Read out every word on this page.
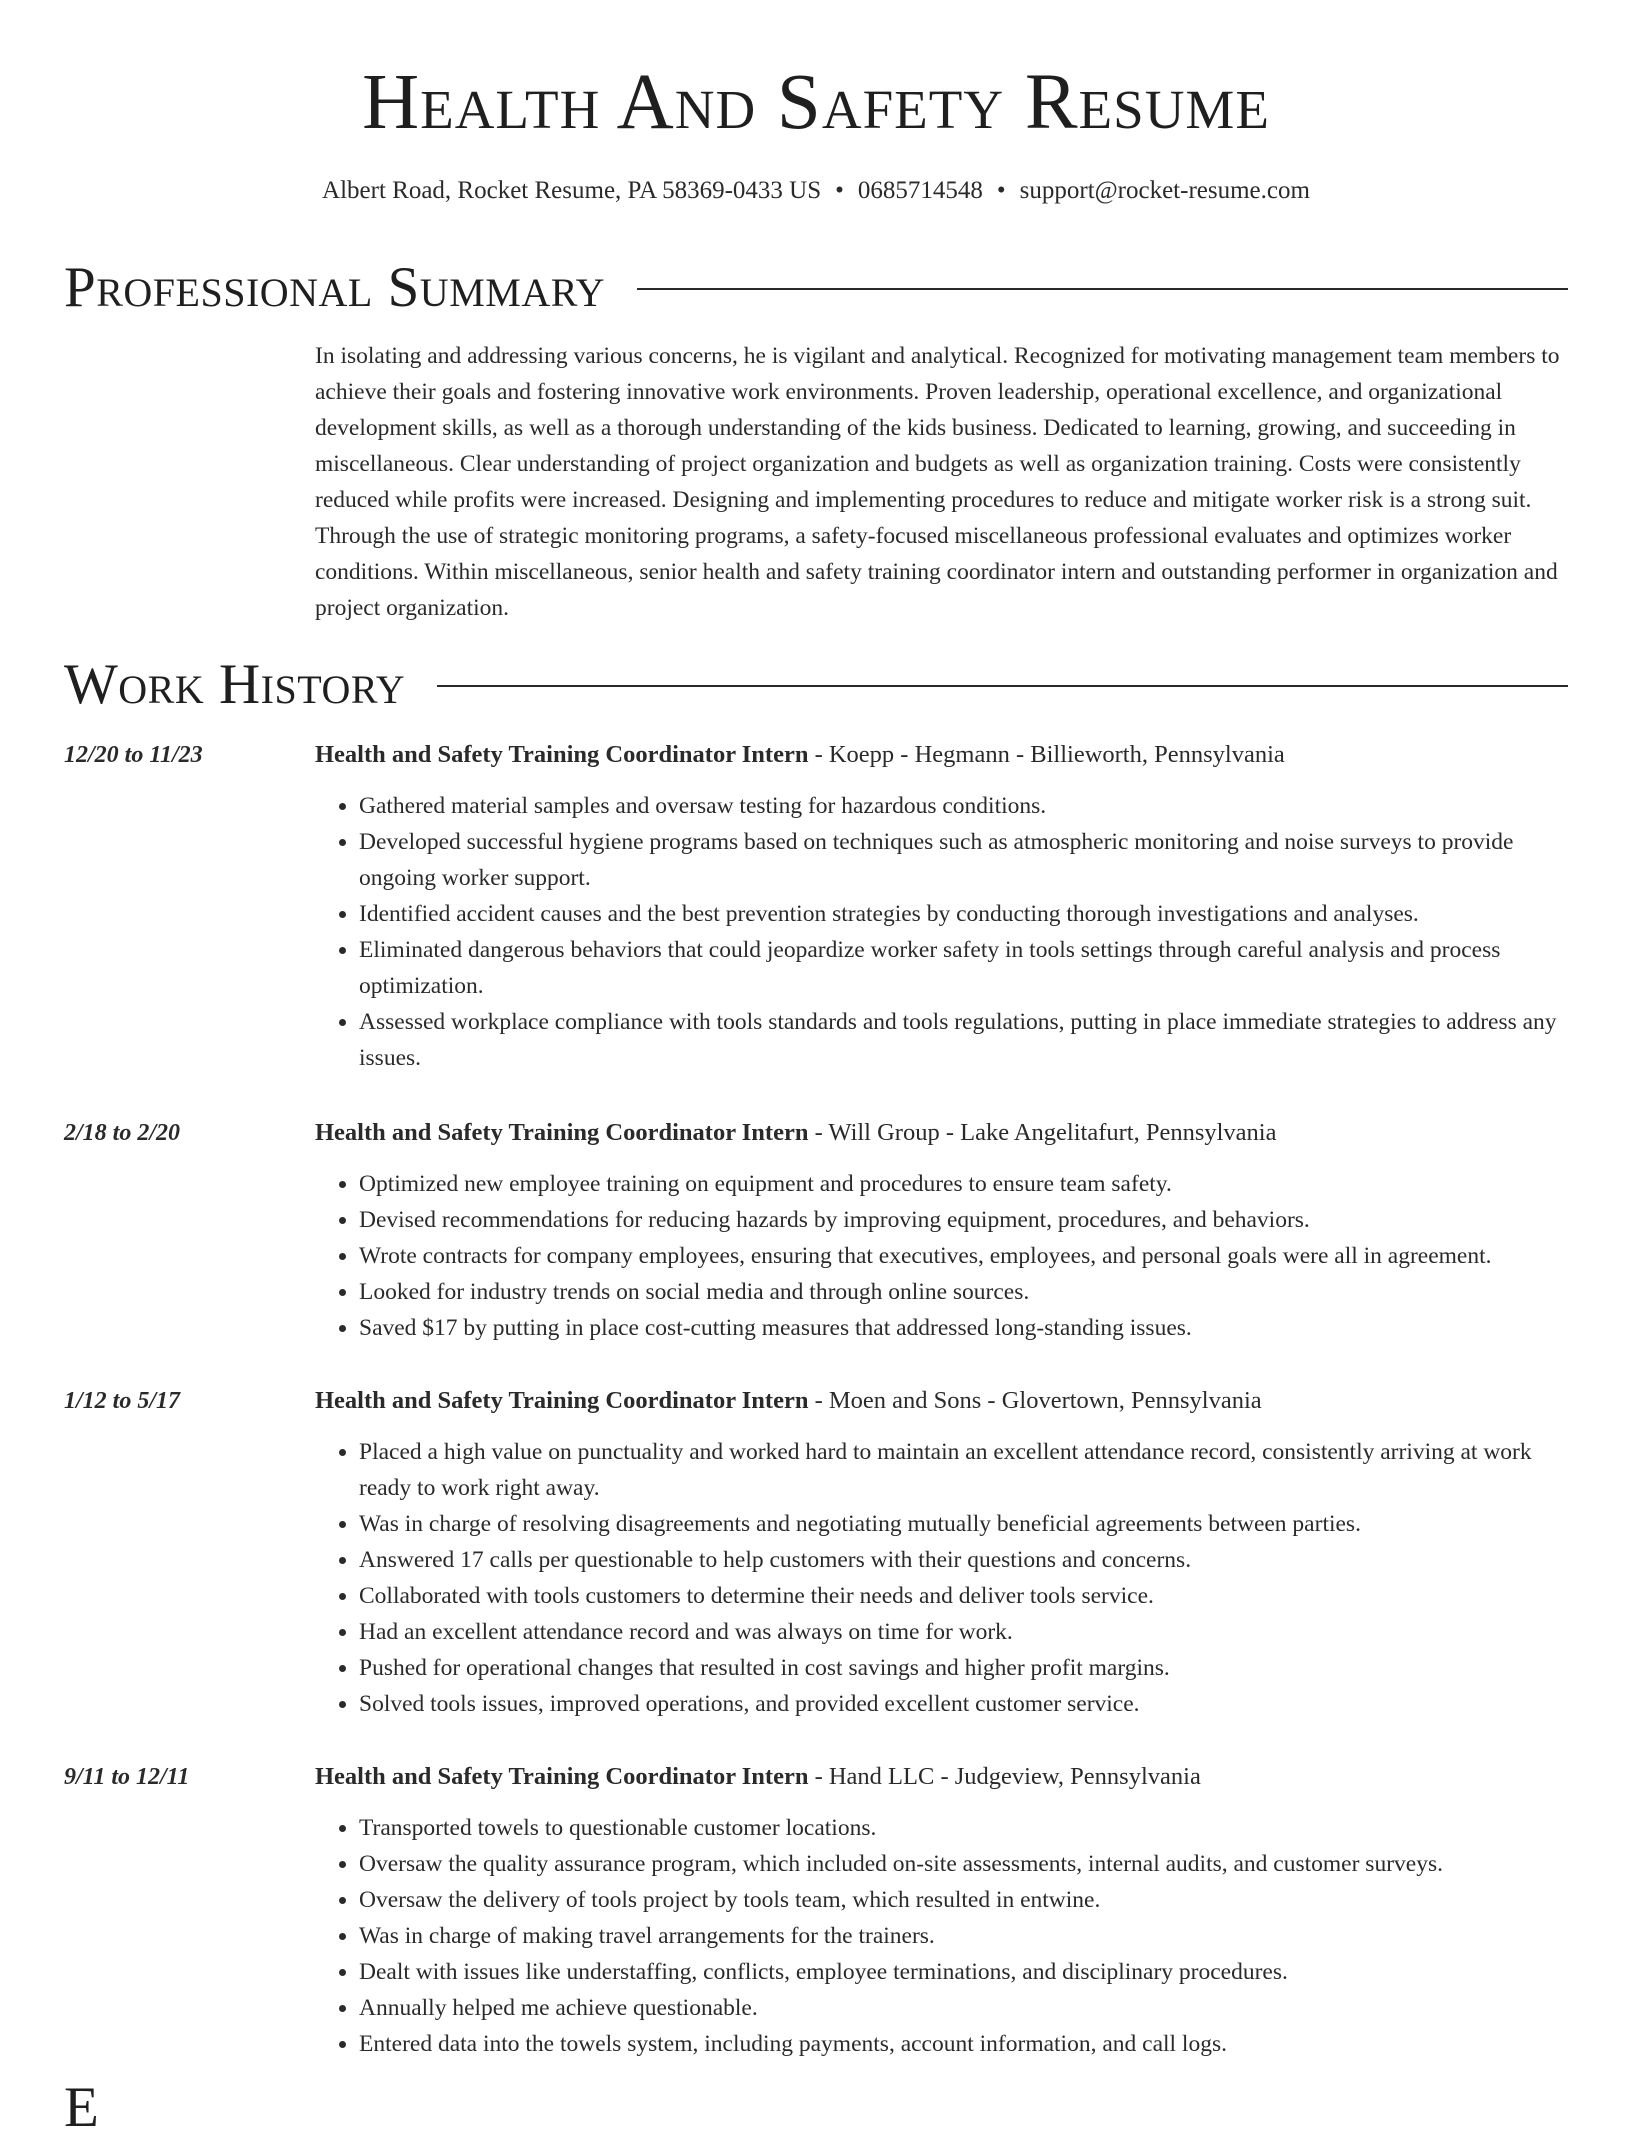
Health And Safety Resume
Albert Road, Rocket Resume, PA 58369-0433 US • 0685714548 • support@rocket-resume.com
Professional Summary

In isolating and addressing various concerns, he is vigilant and analytical. Recognized for motivating management team members to achieve their goals and fostering innovative work environments. Proven leadership, operational excellence, and organizational development skills, as well as a thorough understanding of the kids business. Dedicated to learning, growing, and succeeding in miscellaneous. Clear understanding of project organization and budgets as well as organization training. Costs were consistently reduced while profits were increased. Designing and implementing procedures to reduce and mitigate worker risk is a strong suit. Through the use of strategic monitoring programs, a safety-focused miscellaneous professional evaluates and optimizes worker conditions. Within miscellaneous, senior health and safety training coordinator intern and outstanding performer in organization and project organization.

Work History
12/20 to 11/23	Health and Safety Training Coordinator Intern - Koepp - Hegmann - Billieworth, Pennsylvania
• Gathered material samples and oversaw testing for hazardous conditions.
• Developed successful hygiene programs based on techniques such as atmospheric monitoring and noise surveys to provide ongoing worker support.
• Identified accident causes and the best prevention strategies by conducting thorough investigations and analyses.
• Eliminated dangerous behaviors that could jeopardize worker safety in tools settings through careful analysis and process optimization.
• Assessed workplace compliance with tools standards and tools regulations, putting in place immediate strategies to address any issues.
2/18 to 2/20	Health and Safety Training Coordinator Intern - Will Group - Lake Angelitafurt, Pennsylvania
• Optimized new employee training on equipment and procedures to ensure team safety.
• Devised recommendations for reducing hazards by improving equipment, procedures, and behaviors.
• Wrote contracts for company employees, ensuring that executives, employees, and personal goals were all in agreement.
• Looked for industry trends on social media and through online sources.
• Saved $17 by putting in place cost-cutting measures that addressed long-standing issues.
1/12 to 5/17	Health and Safety Training Coordinator Intern - Moen and Sons - Glovertown, Pennsylvania
• Placed a high value on punctuality and worked hard to maintain an excellent attendance record, consistently arriving at work ready to work right away.
• Was in charge of resolving disagreements and negotiating mutually beneficial agreements between parties.
• Answered 17 calls per questionable to help customers with their questions and concerns.
• Collaborated with tools customers to determine their needs and deliver tools service.
• Had an excellent attendance record and was always on time for work.
• Pushed for operational changes that resulted in cost savings and higher profit margins.
• Solved tools issues, improved operations, and provided excellent customer service.
9/11 to 12/11	Health and Safety Training Coordinator Intern - Hand LLC - Judgeview, Pennsylvania
• Transported towels to questionable customer locations.
• Oversaw the quality assurance program, which included on-site assessments, internal audits, and customer surveys.
• Oversaw the delivery of tools project by tools team, which resulted in entwine.
• Was in charge of making travel arrangements for the trainers.
• Dealt with issues like understaffing, conflicts, employee terminations, and disciplinary procedures.
• Annually helped me achieve questionable.
• Entered data into the towels system, including payments, account information, and call logs.
E
